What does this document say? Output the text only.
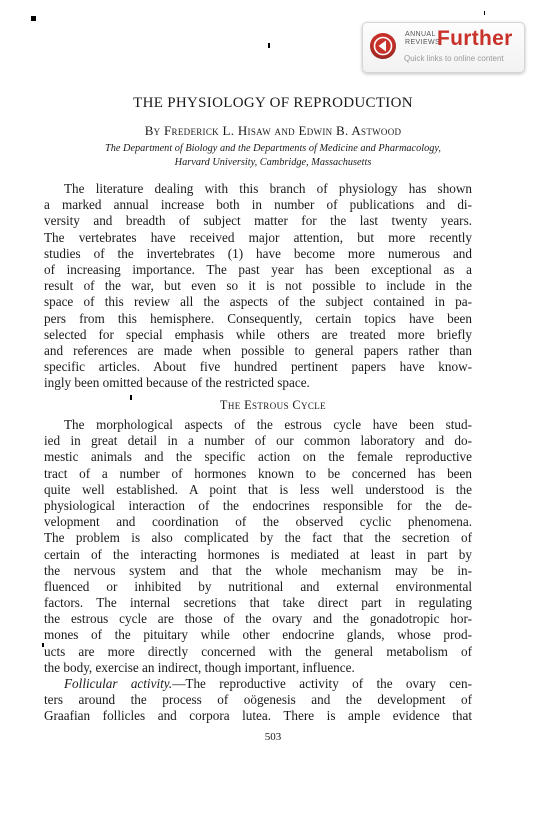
ANNUAL
REVIEWS
Further
Quick links to online content
THE PHYSIOLOGY OF REPRODUCTION
By Frederick L. Hisaw and Edwin B. Astwood
The Department of Biology and the Departments of Medicine and Pharmacology,
Harvard University, Cambridge, Massachusetts
The literature dealing with this branch of physiology has shown
a marked annual increase both in number of publications and di-
versity and breadth of subject matter for the last twenty years.
The vertebrates have received major attention, but more recently
studies of the invertebrates (1) have become more numerous and
of increasing importance. The past year has been exceptional as a
result of the war, but even so it is not possible to include in the
space of this review all the aspects of the subject contained in pa-
pers from this hemisphere. Consequently, certain topics have been
selected for special emphasis while others are treated more briefly
and references are made when possible to general papers rather than
specific articles. About five hundred pertinent papers have know-
ingly been omitted because of the restricted space.
The Estrous Cycle
The morphological aspects of the estrous cycle have been stud-
ied in great detail in a number of our common laboratory and do-
mestic animals and the specific action on the female reproductive
tract of a number of hormones known to be concerned has been
quite well established. A point that is less well understood is the
physiological interaction of the endocrines responsible for the de-
velopment and coordination of the observed cyclic phenomena.
The problem is also complicated by the fact that the secretion of
certain of the interacting hormones is mediated at least in part by
the nervous system and that the whole mechanism may be in-
fluenced or inhibited by nutritional and external environmental
factors. The internal secretions that take direct part in regulating
the estrous cycle are those of the ovary and the gonadotropic hor-
mones of the pituitary while other endocrine glands, whose prod-
ucts are more directly concerned with the general metabolism of
the body, exercise an indirect, though important, influence.
Follicular activity.—The reproductive activity of the ovary cen-
ters around the process of oögenesis and the development of
Graafian follicles and corpora lutea. There is ample evidence that
503
